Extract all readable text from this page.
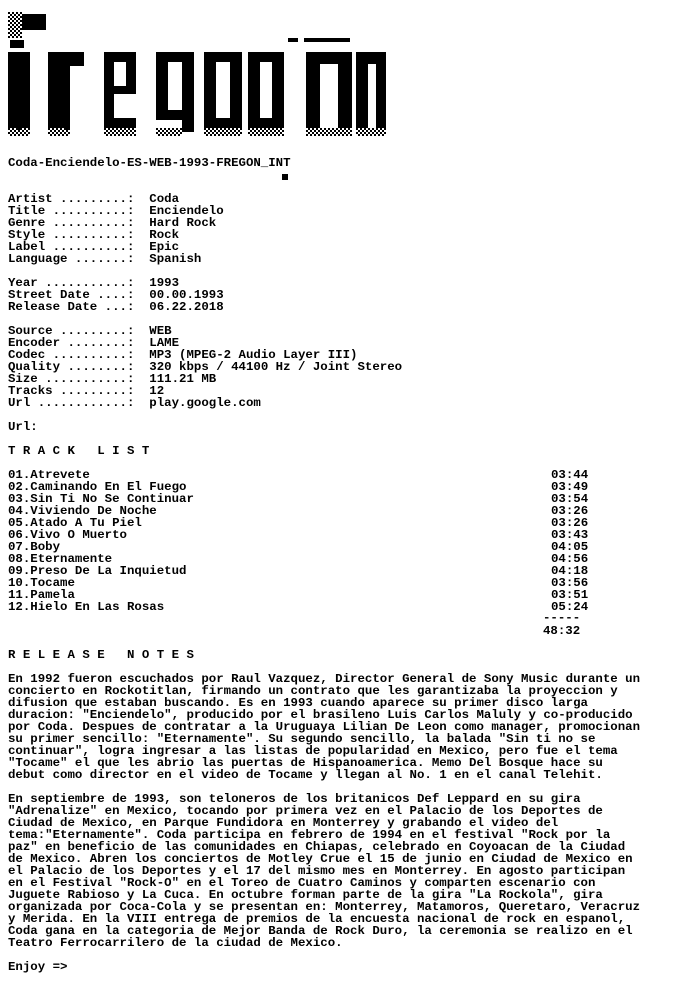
Coda-Enciendelo-ES-WEB-1993-FREGON_INT
Artist .........: Coda
Title ..........: Enciendelo
Genre ..........: Hard Rock
Style ..........: Rock
Label ..........: Epic
Language .......: Spanish
Year ...........: 1993
Street Date ....: 00.00.1993
Release Date ...: 06.22.2018
Source .........: WEB
Encoder ........: LAME
Codec ..........: MP3 (MPEG-2 Audio Layer III)
Quality ........: 320 kbps / 44100 Hz / Joint Stereo
Size ...........: 111.21 MB
Tracks .........: 12
Url ............: play.google.com
Url:
T R A C K   L I S T
01.Atrevete	03:44
02.Caminando En El Fuego	03:49
03.Sin Ti No Se Continuar	03:54
04.Viviendo De Noche	03:26
05.Atado A Tu Piel	03:26
06.Vivo O Muerto	03:43
07.Boby	04:05
08.Eternamente	04:56
09.Preso De La Inquietud	04:18
10.Tocame	03:56
11.Pamela	03:51
12.Hielo En Las Rosas	05:24
-----
48:32
R E L E A S E   N O T E S
En 1992 fueron escuchados por Raul Vazquez, Director General de Sony Music durante un
concierto en Rockotitlan, firmando un contrato que les garantizaba la proyeccion y
difusion que estaban buscando. Es en 1993 cuando aparece su primer disco larga
duracion: "Enciendelo", producido por el brasileno Luis Carlos Maluly y co-producido
por Coda. Despues de contratar a la Uruguaya Lilian De Leon como manager, promocionan
su primer sencillo: "Eternamente". Su segundo sencillo, la balada "Sin ti no se
continuar", logra ingresar a las listas de popularidad en Mexico, pero fue el tema
"Tocame" el que les abrio las puertas de Hispanoamerica. Memo Del Bosque hace su
debut como director en el video de Tocame y llegan al No. 1 en el canal Telehit.
En septiembre de 1993, son teloneros de los britanicos Def Leppard en su gira
"Adrenalize" en Mexico, tocando por primera vez en el Palacio de los Deportes de
Ciudad de Mexico, en Parque Fundidora en Monterrey y grabando el video del
tema:"Eternamente". Coda participa en febrero de 1994 en el festival "Rock por la
paz" en beneficio de las comunidades en Chiapas, celebrado en Coyoacan de la Ciudad
de Mexico. Abren los conciertos de Motley Crue el 15 de junio en Ciudad de Mexico en
el Palacio de los Deportes y el 17 del mismo mes en Monterrey. En agosto participan
en el Festival "Rock-O" en el Toreo de Cuatro Caminos y comparten escenario con
Juguete Rabioso y La Cuca. En octubre forman parte de la gira "La Rockola", gira
organizada por Coca-Cola y se presentan en: Monterrey, Matamoros, Queretaro, Veracruz
y Merida. En la VIII entrega de premios de la encuesta nacional de rock en espanol,
Coda gana en la categoria de Mejor Banda de Rock Duro, la ceremonia se realizo en el
Teatro Ferrocarrilero de la ciudad de Mexico.
Enjoy =>
